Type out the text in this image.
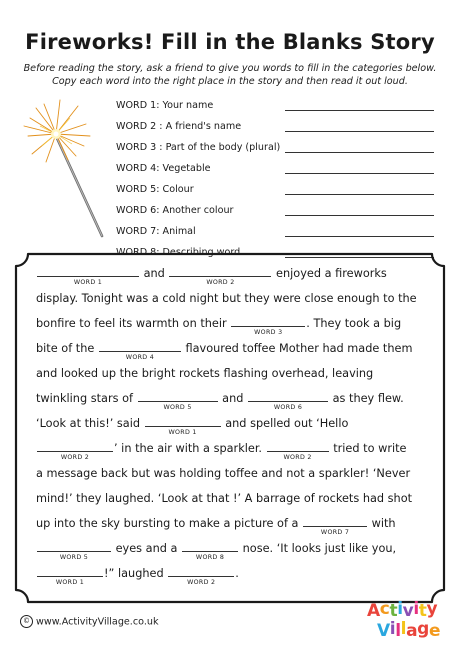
Fireworks! Fill in the Blanks Story
Before reading the story, ask a friend to give you words to fill in the categories below.
Copy each word into the right place in the story and then read it out loud.
WORD 1: Your name
WORD 2 : A friend's name
WORD 3 : Part of the body (plural)
WORD 4: Vegetable
WORD 5: Colour
WORD 6: Another colour
WORD 7: Animal
WORD 8: Describing word
WORD 1
and
WORD 2
enjoyed a fireworks
display. Tonight was a cold night but they were close enough to the
bonfire to feel its warmth on their
WORD 3
. They took a big
bite of the
WORD 4
flavoured toffee Mother had made them
and looked up the bright rockets flashing overhead, leaving
twinkling stars of
WORD 5
and
WORD 6
as they flew.
‘Look at this!’ said
WORD 1
and spelled out ‘Hello
WORD 2
’ in the air with a sparkler.
WORD 2
tried to write
a message back but was holding toffee and not a sparkler! ‘Never
mind!’ they laughed. ‘Look at that !’ A barrage of rockets had shot
up into the sky bursting to make a picture of a
WORD 7
with
WORD 5
eyes and a
WORD 8
nose. ‘It looks just like you,
WORD 1
!” laughed
WORD 2
.
© www.ActivityVillage.co.uk
Activity
Village
